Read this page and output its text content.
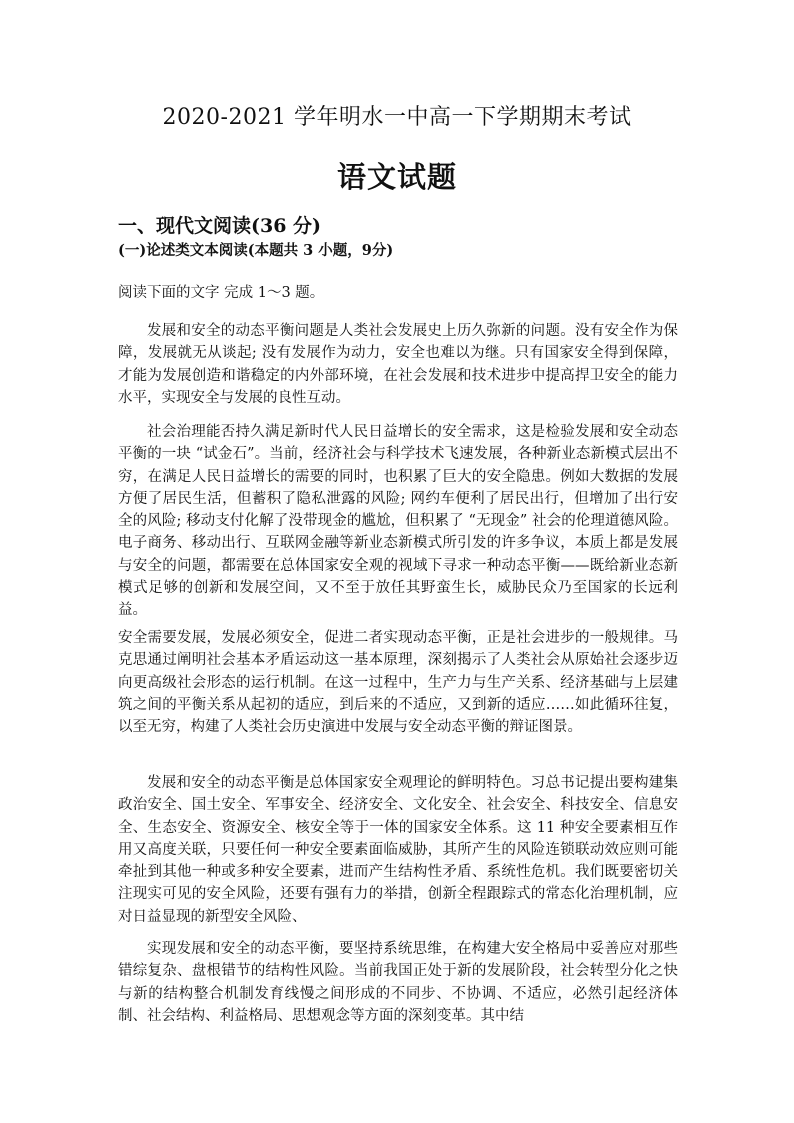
2020-2021 学年明水一中高一下学期期末考试
语文试题
一、现代文阅读(36 分)
(一)论述类文本阅读(本题共 3 小题，9分)
阅读下面的文字 完成 1～3 题。

发展和安全的动态平衡问题是人类社会发展史上历久弥新的问题。没有安全作为保障，发展就无从谈起; 没有发展作为动力，安全也难以为继。只有国家安全得到保障，才能为发展创造和谐稳定的内外部环境，在社会发展和技术进步中提高捍卫安全的能力水平，实现安全与发展的良性互动。

社会治理能否持久满足新时代人民日益增长的安全需求，这是检验发展和安全动态平衡的一块 “试金石”。当前，经济社会与科学技术飞速发展，各种新业态新模式层出不穷，在满足人民日益增长的需要的同时，也积累了巨大的安全隐患。例如大数据的发展方便了居民生活，但蓄积了隐私泄露的风险; 网约车便利了居民出行，但增加了出行安全的风险; 移动支付化解了没带现金的尴尬，但积累了 “无现金” 社会的伦理道德风险。电子商务、移动出行、互联网金融等新业态新模式所引发的许多争议，本质上都是发展与安全的问题，都需要在总体国家安全观的视域下寻求一种动态平衡——既给新业态新模式足够的创新和发展空间，又不至于放任其野蛮生长，威胁民众乃至国家的长远利益。

安全需要发展，发展必须安全，促进二者实现动态平衡，正是社会进步的一般规律。马克思通过阐明社会基本矛盾运动这一基本原理，深刻揭示了人类社会从原始社会逐步迈向更高级社会形态的运行机制。在这一过程中，生产力与生产关系、经济基础与上层建筑之间的平衡关系从起初的适应，到后来的不适应，又到新的适应……如此循环往复，以至无穷，构建了人类社会历史演进中发展与安全动态平衡的辩证图景。

发展和安全的动态平衡是总体国家安全观理论的鲜明特色。习总书记提出要构建集政治安全、国土安全、军事安全、经济安全、文化安全、社会安全、科技安全、信息安全、生态安全、资源安全、核安全等于一体的国家安全体系。这 11 种安全要素相互作用又高度关联，只要任何一种安全要素面临威胁，其所产生的风险连锁联动效应则可能牵扯到其他一种或多种安全要素，进而产生结构性矛盾、系统性危机。我们既要密切关注现实可见的安全风险，还要有强有力的举措，创新全程跟踪式的常态化治理机制，应对日益显现的新型安全风险、

实现发展和安全的动态平衡，要坚持系统思维，在构建大安全格局中妥善应对那些错综复杂、盘根错节的结构性风险。当前我国正处于新的发展阶段，社会转型分化之快与新的结构整合机制发育线慢之间形成的不同步、不协调、不适应，必然引起经济体制、社会结构、利益格局、思想观念等方面的深刻变革。其中结
